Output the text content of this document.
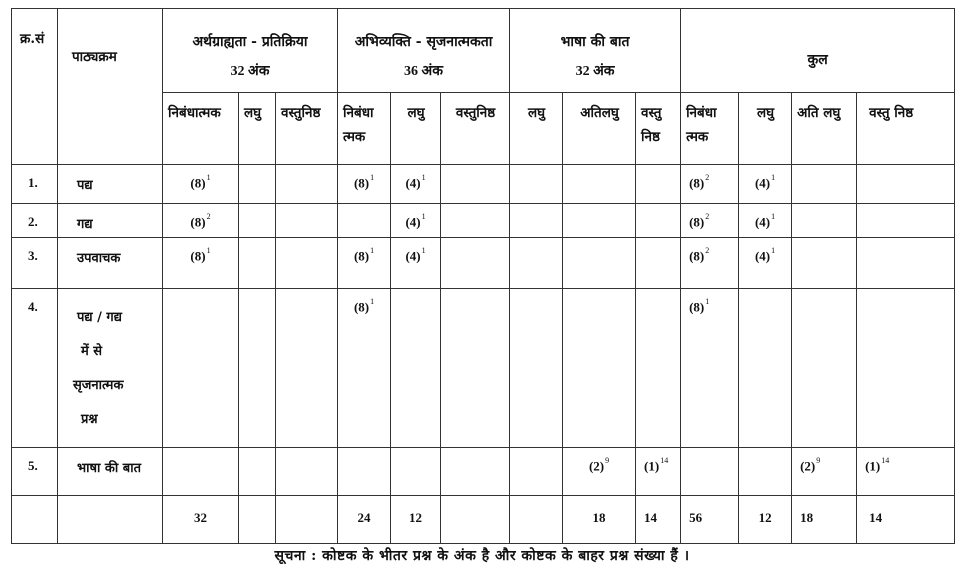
क्र.सं	पाठ्यक्रम	
अर्थग्राह्यता - प्रतिक्रिया
32 अंक

अभिव्यक्ति - सृजनात्मकता
36 अंक

भाषा की बात
32 अंक

कुल

		निबंधात्मक	लघु	वस्तुनिष्ठ	निबंधा त्मक	लघु	वस्तुनिष्ठ	लघु	अतिलघु	वस्तु निष्ठ	निबंधा त्मक	लघु	अति लघु	वस्तु निष्ठ
1.	पद्य	$(8)^1$			$(8)^1$	$(4)^1$					$(8)^2$	$(4)^1$		
2.	गद्य	$(8)^2$				$(4)^1$					$(8)^2$	$(4)^1$		
3.	उपवाचक	$(8)^1$			$(8)^1$	$(4)^1$					$(8)^2$	$(4)^1$		
4.	पद्य / गद्य
में से
सृजनात्मक
प्रश्न				$(8)^1$						$(8)^1$			
5.	भाषा की बात								$(2)^9$	$(1)^{14}$			$(2)^9$	$(1)^{14}$
		32			24	12			18	14	56	12	18	14
सूचना : कोष्टक के भीतर प्रश्न के अंक है और कोष्टक के बाहर प्रश्न संख्या हैं ।
